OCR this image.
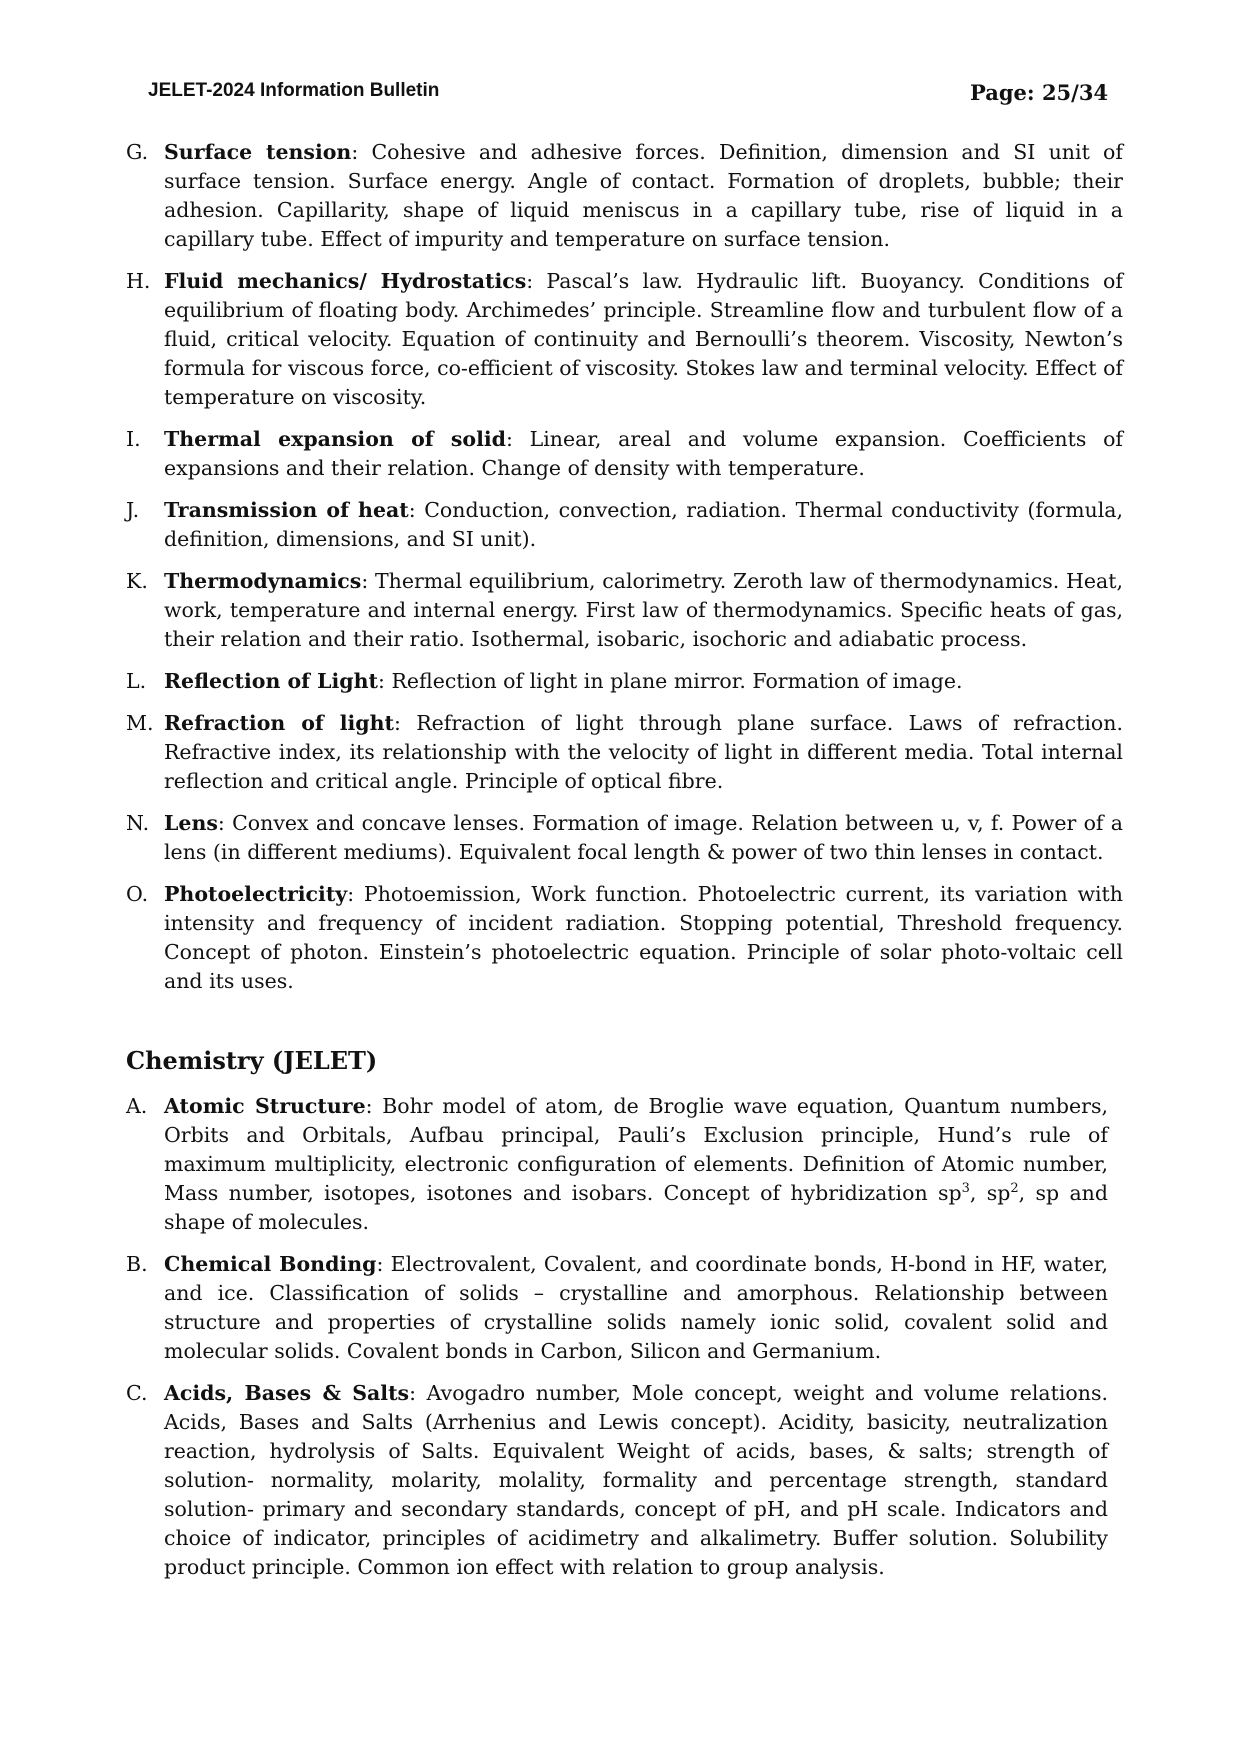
JELET-2024 Information Bulletin	Page: 25/34
G. Surface tension: Cohesive and adhesive forces. Definition, dimension and SI unit of surface tension. Surface energy. Angle of contact. Formation of droplets, bubble; their adhesion. Capillarity, shape of liquid meniscus in a capillary tube, rise of liquid in a capillary tube. Effect of impurity and temperature on surface tension.
H. Fluid mechanics/ Hydrostatics: Pascal’s law. Hydraulic lift. Buoyancy. Conditions of equilibrium of floating body. Archimedes’ principle. Streamline flow and turbulent flow of a fluid, critical velocity. Equation of continuity and Bernoulli’s theorem. Viscosity, Newton’s formula for viscous force, co-efficient of viscosity. Stokes law and terminal velocity. Effect of temperature on viscosity.
I. Thermal expansion of solid: Linear, areal and volume expansion. Coefficients of expansions and their relation. Change of density with temperature.
J. Transmission of heat: Conduction, convection, radiation. Thermal conductivity (formula, definition, dimensions, and SI unit).
K. Thermodynamics: Thermal equilibrium, calorimetry. Zeroth law of thermodynamics. Heat, work, temperature and internal energy. First law of thermodynamics. Specific heats of gas, their relation and their ratio. Isothermal, isobaric, isochoric and adiabatic process.
L. Reflection of Light: Reflection of light in plane mirror. Formation of image.
M. Refraction of light: Refraction of light through plane surface. Laws of refraction. Refractive index, its relationship with the velocity of light in different media. Total internal reflection and critical angle. Principle of optical fibre.
N. Lens: Convex and concave lenses. Formation of image. Relation between u, v, f. Power of a lens (in different mediums). Equivalent focal length & power of two thin lenses in contact.
O. Photoelectricity: Photoemission, Work function. Photoelectric current, its variation with intensity and frequency of incident radiation. Stopping potential, Threshold frequency. Concept of photon. Einstein’s photoelectric equation. Principle of solar photo-voltaic cell and its uses.
Chemistry (JELET)
A. Atomic Structure: Bohr model of atom, de Broglie wave equation, Quantum numbers, Orbits and Orbitals, Aufbau principal, Pauli’s Exclusion principle, Hund’s rule of maximum multiplicity, electronic configuration of elements. Definition of Atomic number, Mass number, isotopes, isotones and isobars. Concept of hybridization $sp^3$, $sp^2$, sp and shape of molecules.
B. Chemical Bonding: Electrovalent, Covalent, and coordinate bonds, H-bond in HF, water, and ice. Classification of solids – crystalline and amorphous. Relationship between structure and properties of crystalline solids namely ionic solid, covalent solid and molecular solids. Covalent bonds in Carbon, Silicon and Germanium.
C. Acids, Bases & Salts: Avogadro number, Mole concept, weight and volume relations. Acids, Bases and Salts (Arrhenius and Lewis concept). Acidity, basicity, neutralization reaction, hydrolysis of Salts. Equivalent Weight of acids, bases, & salts; strength of solution- normality, molarity, molality, formality and percentage strength, standard solution- primary and secondary standards, concept of pH, and pH scale. Indicators and choice of indicator, principles of acidimetry and alkalimetry. Buffer solution. Solubility product principle. Common ion effect with relation to group analysis.
